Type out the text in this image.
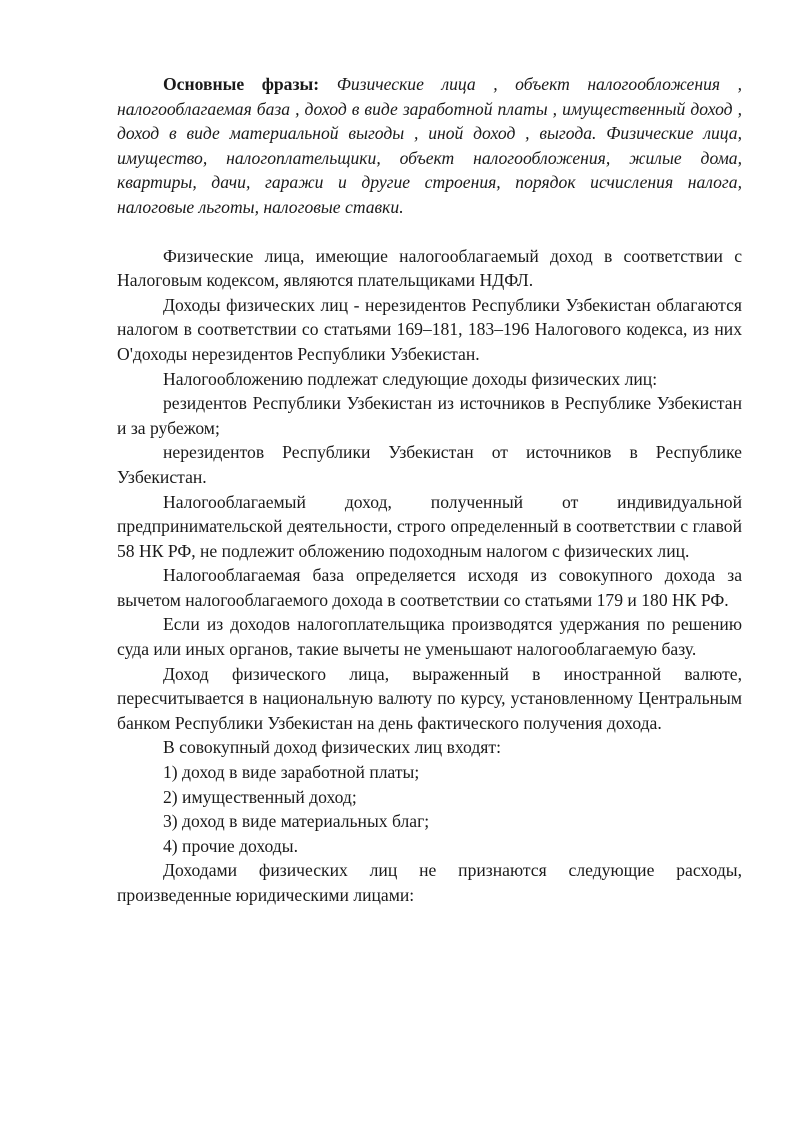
Основные фразы: Физические лица , объект налогообложения , налогооблагаемая база , доход в виде заработной платы , имущественный доход , доход в виде материальной выгоды , иной доход , выгода. Физические лица, имущество, налогоплательщики, объект налогообложения, жилые дома, квартиры, дачи, гаражи и другие строения, порядок исчисления налога, налоговые льготы, налоговые ставки.

Физические лица, имеющие налогооблагаемый доход в соответствии с Налоговым кодексом, являются плательщиками НДФЛ.

Доходы физических лиц - нерезидентов Республики Узбекистан облагаются налогом в соответствии со статьями 169–181, 183–196 Налогового кодекса, из них О'доходы нерезидентов Республики Узбекистан.

Налогообложению подлежат следующие доходы физических лиц:

резидентов Республики Узбекистан из источников в Республике Узбекистан и за рубежом;

нерезидентов Республики Узбекистан от источников в Республике Узбекистан.

Налогооблагаемый доход, полученный от индивидуальной предпринимательской деятельности, строго определенный в соответствии с главой 58 НК РФ, не подлежит обложению подоходным налогом с физических лиц.

Налогооблагаемая база определяется исходя из совокупного дохода за вычетом налогооблагаемого дохода в соответствии со статьями 179 и 180 НК РФ.

Если из доходов налогоплательщика производятся удержания по решению суда или иных органов, такие вычеты не уменьшают налогооблагаемую базу.

Доход физического лица, выраженный в иностранной валюте, пересчитывается в национальную валюту по курсу, установленному Центральным банком Республики Узбекистан на день фактического получения дохода.

В совокупный доход физических лиц входят:

1) доход в виде заработной платы;

2) имущественный доход;

3) доход в виде материальных благ;

4) прочие доходы.

Доходами физических лиц не признаются следующие расходы, произведенные юридическими лицами:
